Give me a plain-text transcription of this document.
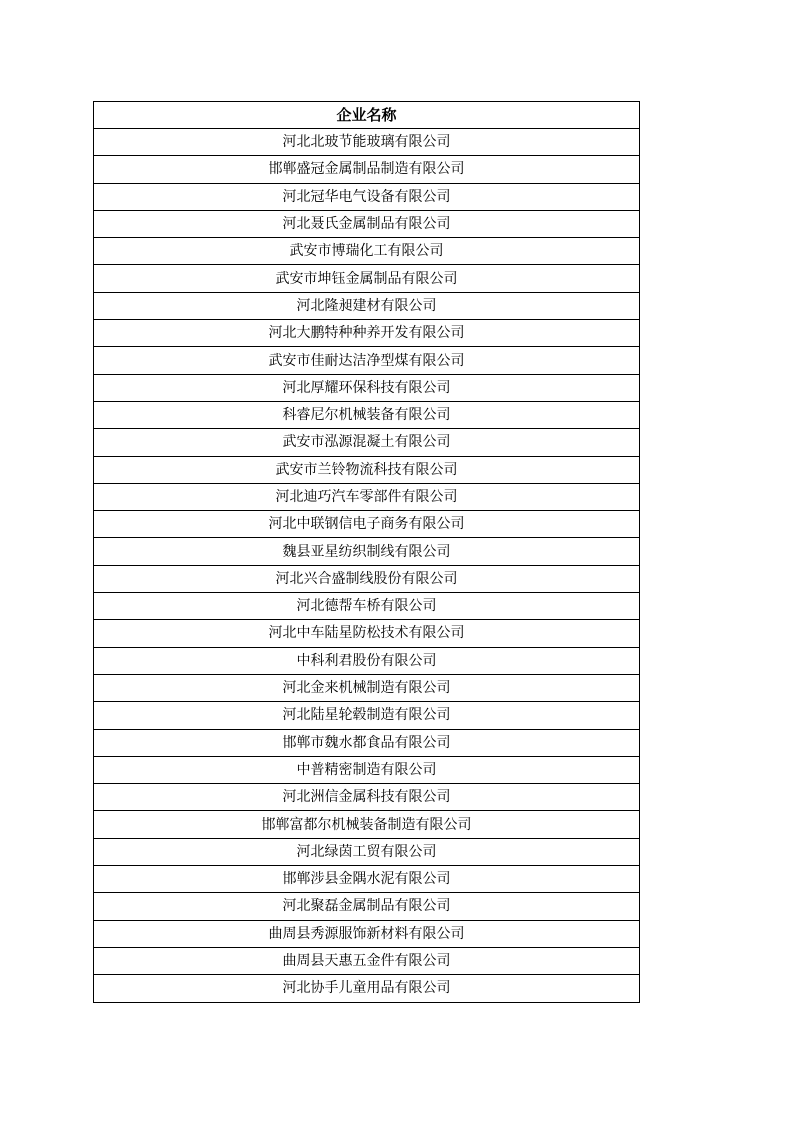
企业名称
河北北玻节能玻璃有限公司
邯郸盛冠金属制品制造有限公司
河北冠华电气设备有限公司
河北聂氏金属制品有限公司
武安市博瑞化工有限公司
武安市坤钰金属制品有限公司
河北隆昶建材有限公司
河北大鹏特种种养开发有限公司
武安市佳耐达洁净型煤有限公司
河北厚耀环保科技有限公司
科睿尼尔机械装备有限公司
武安市泓源混凝土有限公司
武安市兰铃物流科技有限公司
河北迪巧汽车零部件有限公司
河北中联钢信电子商务有限公司
魏县亚星纺织制线有限公司
河北兴合盛制线股份有限公司
河北德帮车桥有限公司
河北中车陆星防松技术有限公司
中科利君股份有限公司
河北金来机械制造有限公司
河北陆星轮毂制造有限公司
邯郸市魏水都食品有限公司
中普精密制造有限公司
河北洲信金属科技有限公司
邯郸富都尔机械装备制造有限公司
河北绿茵工贸有限公司
邯郸涉县金隅水泥有限公司
河北聚磊金属制品有限公司
曲周县秀源服饰新材料有限公司
曲周县天惠五金件有限公司
河北协手儿童用品有限公司
